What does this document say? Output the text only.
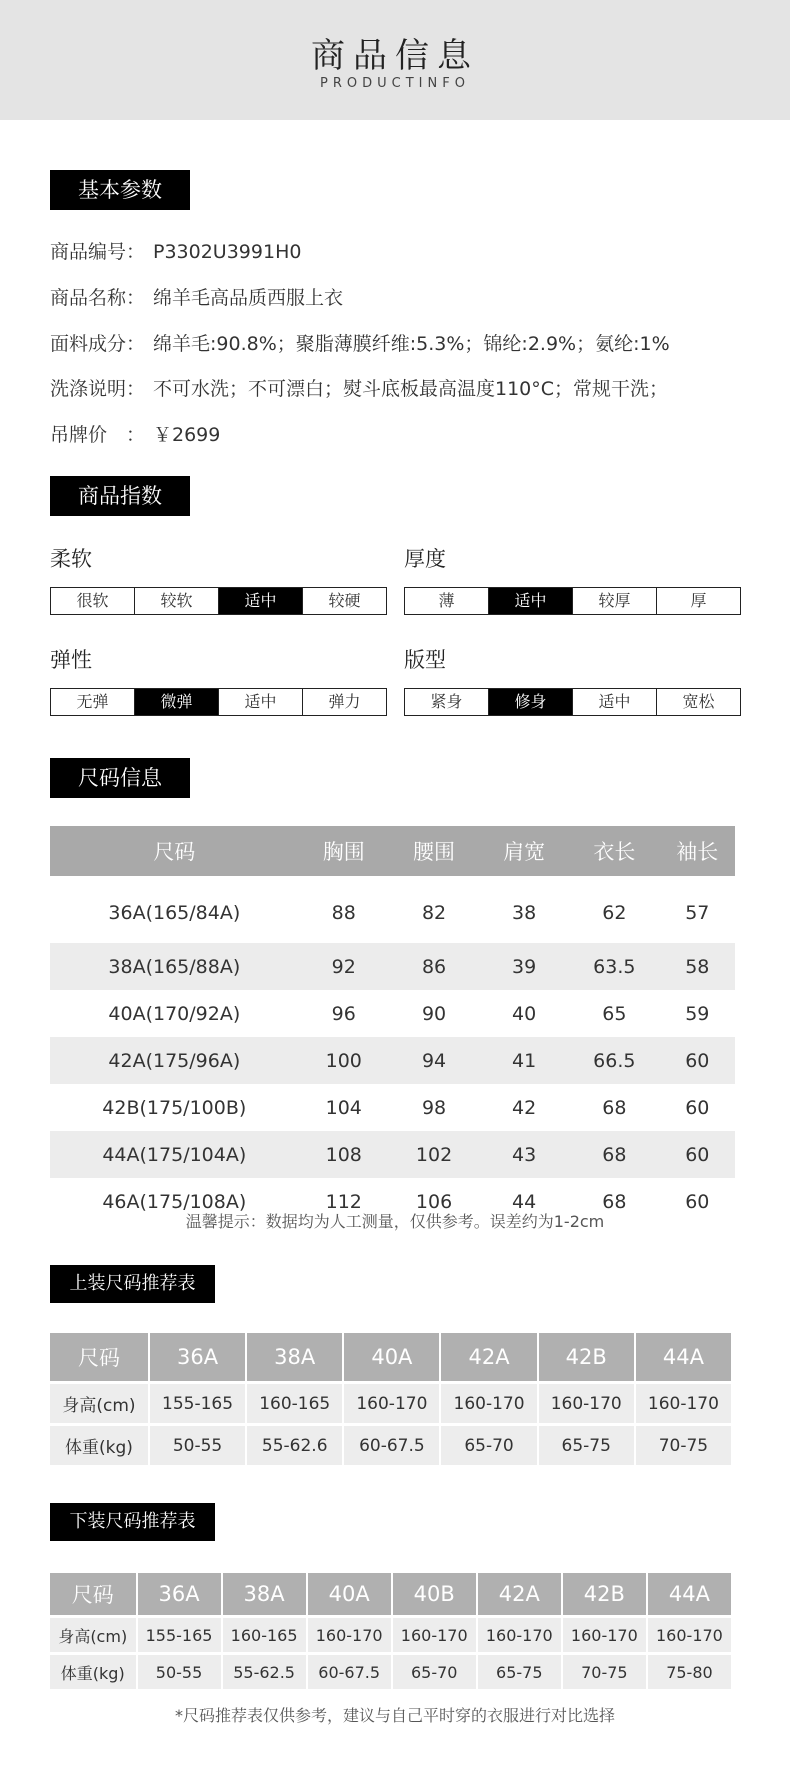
商品信息
PRODUCTINFO
基本参数
商品编号： P3302U3991H0
商品名称： 绵羊毛高品质西服上衣
面料成分： 绵羊毛:90.8%；聚脂薄膜纤维:5.3%；锦纶:2.9%；氨纶:1%
洗涤说明： 不可水洗；不可漂白；熨斗底板最高温度110°C；常规干洗；
吊牌价　： ￥2699
商品指数
柔软
很软	较软	适中	较硬
厚度
薄	适中	较厚	厚
弹性
无弹	微弹	适中	弹力
版型
紧身	修身	适中	宽松
尺码信息
尺码	胸围	腰围	肩宽	衣长	袖长
36A(165/84A)	88	82	38	62	57
38A(165/88A)	92	86	39	63.5	58
40A(170/92A)	96	90	40	65	59
42A(175/96A)	100	94	41	66.5	60
42B(175/100B)	104	98	42	68	60
44A(175/104A)	108	102	43	68	60
46A(175/108A)	112	106	44	68	60
温馨提示：数据均为人工测量，仅供参考。误差约为1-2cm
上装尺码推荐表
尺码	36A	38A	40A	42A	42B	44A
身高(cm)	155-165	160-165	160-170	160-170	160-170	160-170
体重(kg)	50-55	55-62.6	60-67.5	65-70	65-75	70-75
下装尺码推荐表
尺码	36A	38A	40A	40B	42A	42B	44A
身高(cm)	155-165	160-165	160-170	160-170	160-170	160-170	160-170
体重(kg)	50-55	55-62.5	60-67.5	65-70	65-75	70-75	75-80
*尺码推荐表仅供参考，建议与自己平时穿的衣服进行对比选择
